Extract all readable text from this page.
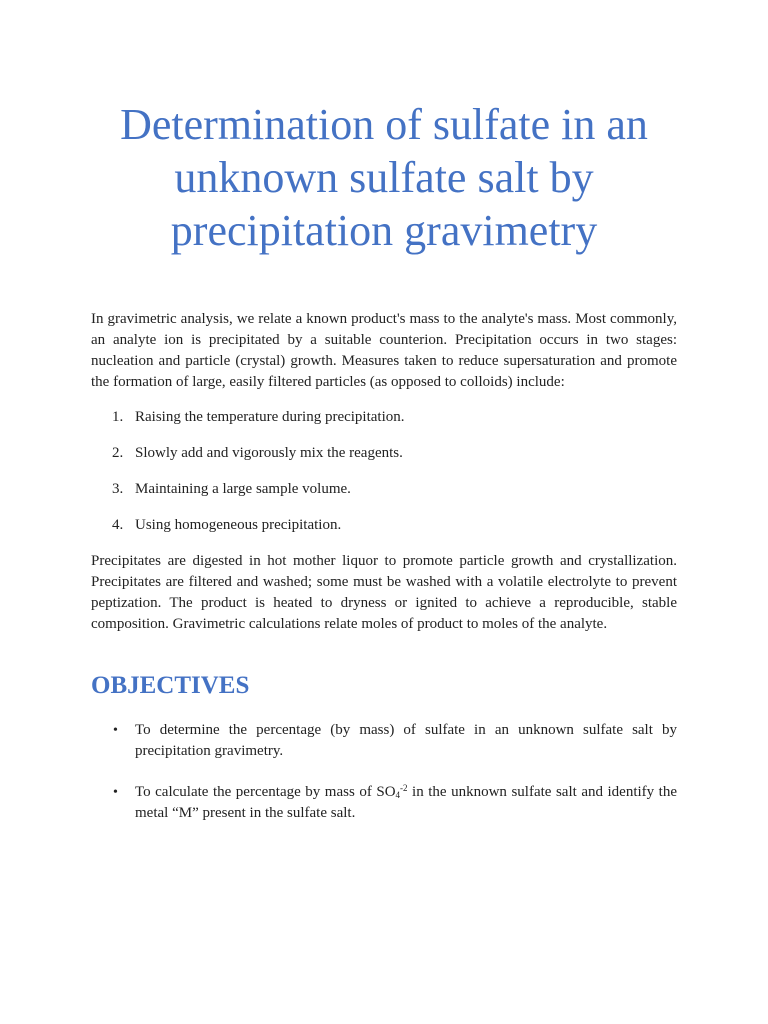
Determination of sulfate in an unknown sulfate salt by precipitation gravimetry

In gravimetric analysis, we relate a known product's mass to the analyte's mass. Most commonly, an analyte ion is precipitated by a suitable counterion. Precipitation occurs in two stages: nucleation and particle (crystal) growth. Measures taken to reduce supersaturation and promote the formation of large, easily filtered particles (as opposed to colloids) include:

1. Raising the temperature during precipitation.
2. Slowly add and vigorously mix the reagents.
3. Maintaining a large sample volume.
4. Using homogeneous precipitation.

Precipitates are digested in hot mother liquor to promote particle growth and crystallization. Precipitates are filtered and washed; some must be washed with a volatile electrolyte to prevent peptization. The product is heated to dryness or ignited to achieve a reproducible, stable composition. Gravimetric calculations relate moles of product to moles of the analyte.

OBJECTIVES
• To determine the percentage (by mass) of sulfate in an unknown sulfate salt by precipitation gravimetry.
• To calculate the percentage by mass of $SO_4^{-2}$ in the unknown sulfate salt and identify the metal “M” present in the sulfate salt.
